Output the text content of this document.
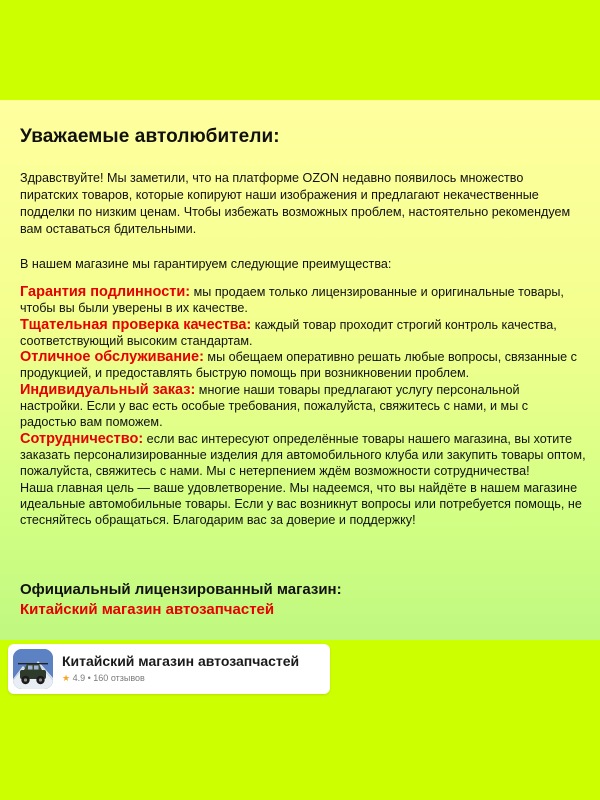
Уважаемые автолюбители:

Здравствуйте! Мы заметили, что на платформе OZON недавно появилось множество пиратских товаров, которые копируют наши изображения и предлагают некачественные подделки по низким ценам. Чтобы избежать возможных проблем, настоятельно рекомендуем вам оставаться бдительными.

В нашем магазине мы гарантируем следующие преимущества:

Гарантия подлинности: мы продаем только лицензированные и оригинальные товары, чтобы вы были уверены в их качестве.

Тщательная проверка качества: каждый товар проходит строгий контроль качества, соответствующий высоким стандартам.

Отличное обслуживание: мы обещаем оперативно решать любые вопросы, связанные с продукцией, и предоставлять быструю помощь при возникновении проблем.

Индивидуальный заказ: многие наши товары предлагают услугу персональной настройки. Если у вас есть особые требования, пожалуйста, свяжитесь с нами, и мы с радостью вам поможем.

Сотрудничество: если вас интересуют определённые товары нашего магазина, вы хотите заказать персонализированные изделия для автомобильного клуба или закупить товары оптом, пожалуйста, свяжитесь с нами. Мы с нетерпением ждём возможности сотрудничества!

Наша главная цель — ваше удовлетворение. Мы надеемся, что вы найдёте в нашем магазине идеальные автомобильные товары. Если у вас возникнут вопросы или потребуется помощь, не стесняйтесь обращаться. Благодарим вас за доверие и поддержку!

Официальный лицензированный магазин:
Китайский магазин автозапчастей

Китайский магазин автозапчастей

★ 4.9 • 160 отзывов
